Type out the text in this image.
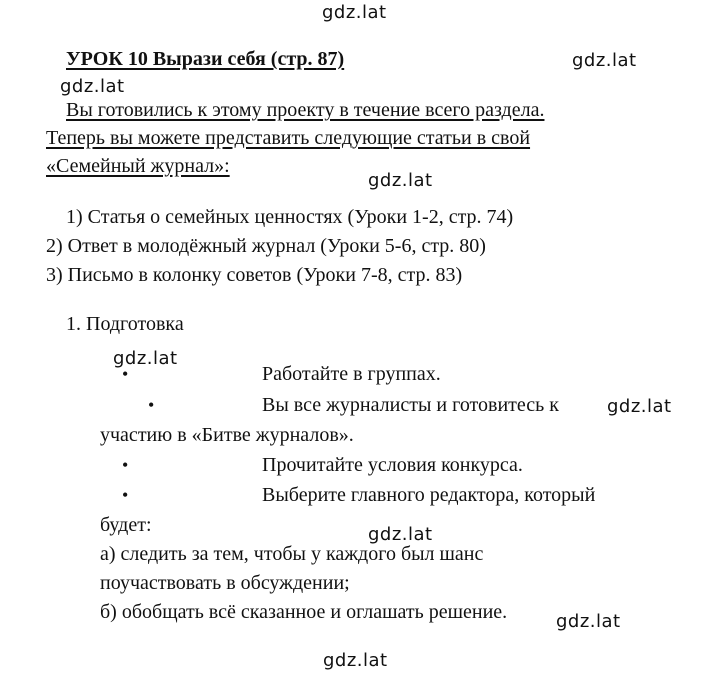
gdz.lat
gdz.lat
gdz.lat
gdz.lat
gdz.lat
gdz.lat
gdz.lat
gdz.lat
gdz.lat
УРОК 10 Вырази себя (стр. 87)
Вы готовились к этому проекту в течение всего раздела.
Теперь вы можете представить следующие статьи в свой
«Семейный журнал»:
1) Статья о семейных ценностях (Уроки 1-2, стр. 74)
2) Ответ в молодёжный журнал (Уроки 5-6, стр. 80)
3) Письмо в колонку советов (Уроки 7-8, стр. 83)
1. Подготовка
•	Работайте в группах.
•	Вы все журналисты и готовитесь к
участию в «Битве журналов».
•	Прочитайте условия конкурса.
•	Выберите главного редактора, который
будет:
а) следить за тем, чтобы у каждого был шанс
поучаствовать в обсуждении;
б) обобщать всё сказанное и оглашать решение.
